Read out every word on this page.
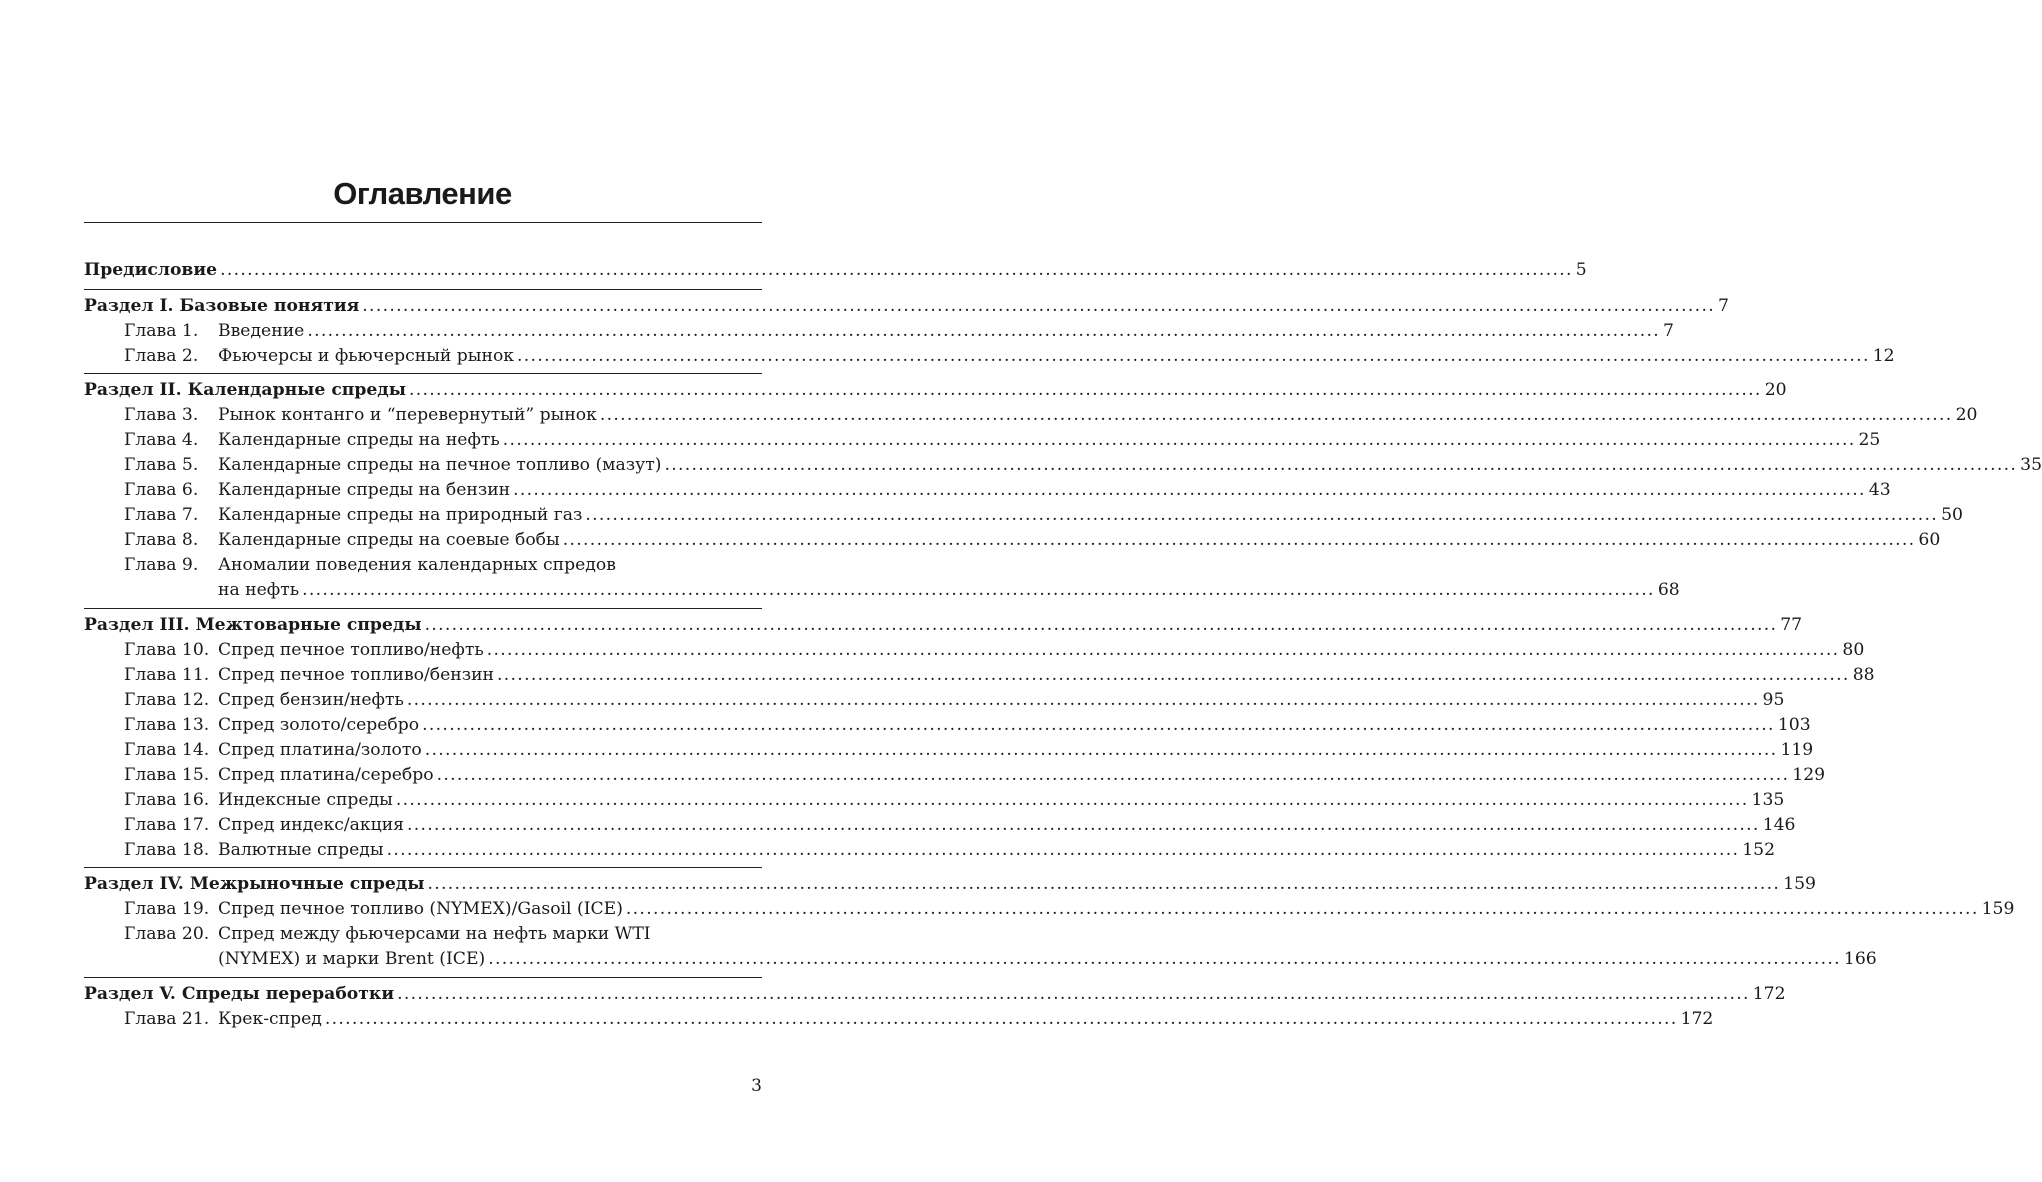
Оглавление
Предисловие ........................................................................................................................................................................................................ 5
Раздел I. Базовые понятия ........................................................................................................................................................................................................ 7
Глава 1.	Введение ........................................................................................................................................................................................................ 7
Глава 2.	Фьючерсы и фьючерсный рынок ........................................................................................................................................................................................................ 12
Раздел II. Календарные спреды ........................................................................................................................................................................................................ 20
Глава 3.	Рынок контанго и “перевернутый” рынок ........................................................................................................................................................................................................ 20
Глава 4.	Календарные спреды на нефть ........................................................................................................................................................................................................ 25
Глава 5.	Календарные спреды на печное топливо (мазут) ........................................................................................................................................................................................................ 35
Глава 6.	Календарные спреды на бензин ........................................................................................................................................................................................................ 43
Глава 7.	Календарные спреды на природный газ ........................................................................................................................................................................................................ 50
Глава 8.	Календарные спреды на соевые бобы ........................................................................................................................................................................................................ 60
Глава 9.	Аномалии поведения календарных спредов
на нефть ........................................................................................................................................................................................................ 68
Раздел III. Межтоварные спреды ........................................................................................................................................................................................................ 77
Глава 10. Спред печное топливо/нефть ........................................................................................................................................................................................................ 80
Глава 11. Спред печное топливо/бензин ........................................................................................................................................................................................................ 88
Глава 12. Спред бензин/нефть ........................................................................................................................................................................................................ 95
Глава 13. Спред золото/серебро ........................................................................................................................................................................................................ 103
Глава 14. Спред платина/золото ........................................................................................................................................................................................................ 119
Глава 15. Спред платина/серебро ........................................................................................................................................................................................................ 129
Глава 16. Индексные спреды ........................................................................................................................................................................................................ 135
Глава 17. Спред индекс/акция ........................................................................................................................................................................................................ 146
Глава 18. Валютные спреды ........................................................................................................................................................................................................ 152
Раздел IV. Межрыночные спреды ........................................................................................................................................................................................................ 159
Глава 19. Спред печное топливо (NYMEX)/Gasoil (ICE) ........................................................................................................................................................................................................ 159
Глава 20. Спред между фьючерсами на нефть марки WTI
(NYMEX) и марки Brent (ICE) ........................................................................................................................................................................................................ 166
Раздел V. Спреды переработки ........................................................................................................................................................................................................ 172
Глава 21. Крек-спред ........................................................................................................................................................................................................ 172
3
